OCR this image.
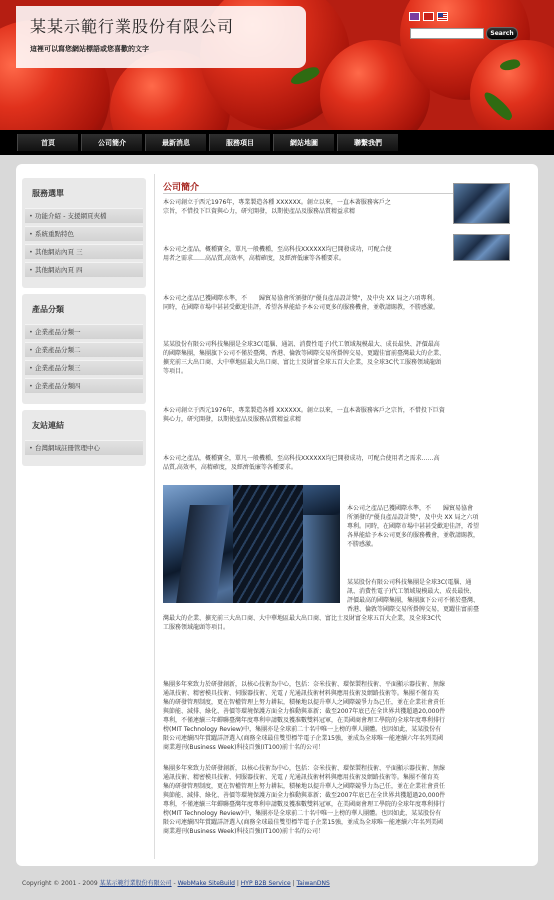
某某示範行業股份有限公司
這裡可以寫您網站標語或您喜歡的文字
Search
首頁	公司簡介	最新消息	服務項目	網站地圖	聯繫我們
服務選單
• 功能介紹 - 支援網頁夾檔
• 系統重點特色
• 其他網站內頁 三
• 其他網站內頁 四
產品分類
• 企業產品分類一
• 企業產品分類二
• 企業產品分類三
• 企業產品分類四
友站連結
• 台灣網域註冊管理中心
公司簡介
本公司創立于西元1976年，專業製造各種 XXXXXX。創立以來，一直本著服務客戶之
宗旨，不惜投下巨資與心力，研究開發，以期使產品及服務品質精益求精
本公司之產品，概種寶全，單凡一般機種，至高科技XXXXXX均已開發成功，可配合使
用者之需求……高品質,高效率，高精確度，及經濟低廉等各種要求。
本公司之產品已獲國際水準，不　　歸貿易協會所頒發的"優良產品設計獎"，及中央 XX 局之六項專利。
同時，在國際市場中甚甚受歡迎佳評，希望各界能給予本公司更多的服務機會，並敬請賜教，不勝感激。
某某股份有限公司科技集團是全球3C(電腦、通訊、消費性電子)代工領域規模最大、成長最快、評價最高
的國際集團，集團旗下公司不僅於臺灣、香港、倫敦等國際交易所掛牌交易，更躍佳富前臺灣最大的企業、
擴充前三大出口商、大中華地區最大出口商、富比士及財富全球五百大企業，及全球3C代工服務領域龍頭
等項目。
本公司創立于西元1976年，專業製造各種 XXXXXX。創立以來，一直本著服務客戶之宗旨，不惜投下巨資
與心力，研究開發，以期使產品及服務品質精益求精
本公司之產品，概種寶全，單凡一般機種，至高科技XXXXXX均已開發成功，可配合使用者之需求……高
品質,高效率，高精確度，及經濟低廉等各種要求。
本公司之產品已獲國際水準，不　　歸貿易協會
所頒發的"優良產品設計獎"，及中央 XX 局之六項
專利。同時，在國際市場中甚甚受歡迎佳評，希望
各界能給予本公司更多的服務機會，並敬請賜教，
不勝感激。
某某股份有限公司科技集團是全球3C(電腦、通
訊、消費性電子)代工領域規模最大、成長最快、
評價最高的國際集團，集團旗下公司不僅於臺灣、
香港、倫敦等國際交易所掛牌交易，更躍佳富前臺
灣最大的企業、擴充前三大出口商、大中華地區最大出口商、富比士及財富全球五百大企業，及全球3C代
工服務領域龍頭等項目。
集團多年來致力於研發創新，以核心技術為中心，包括：奈米技術、環保製程技術、平面顯示器技術、無線
通訊技術、精密模具技術、伺服器技術、光電 / 光通訊技術材料與應用技術及網路技術等。集團不僅育英
集的研發管理制度，更在智權管理上努力耕耘，積極地以提升華人之國際競爭力為己任，並在企業社會責任
與節能、減排、綠化、善價等環境保護方面全力推動與革新；截至2007年底已在全世界共獲超過20,000件
專利，不僅連續三年蟬聯臺灣年度專利申請數及獲准數雙料冠軍，在美國商會理工學院的全球年度專利排行
榜(MIT Technology Review)中，集團亦是全球前二十名中唯一上榜的華人團體。也因如此，某某股份有
限公司連續四年賞躍詳評選入(商務全球最佳雙望標竿電子企業15強，並成為全球唯一能連續六年名列美國
商業週刊(Business Week)科技百強(IT100)前十名的公司！
集團多年來致力於研發創新，以核心技術為中心，包括：奈米技術、環保製程技術、平面顯示器技術、無線
通訊技術、精密模具技術、伺服器技術、光電 / 光通訊技術材料與應用技術及網路技術等。集團不僅育英
集的研發管理制度，更在智權管理上努力耕耘，積極地以提升華人之國際競爭力為己任，並在企業社會責任
與節能、減排、綠化、善價等環境保護方面全力推動與革新；截至2007年底已在全世界共獲超過20,000件
專利，不僅連續三年蟬聯臺灣年度專利申請數及獲准數雙料冠軍，在美國商會理工學院的全球年度專利排行
榜(MIT Technology Review)中，集團亦是全球前二十名中唯一上榜的華人團體。也因如此，某某股份有
限公司連續四年賞躍詳評選入(商務全球最佳雙望標竿電子企業15強，並成為全球唯一能連續六年名列美國
商業週刊(Business Week)科技百強(IT100)前十名的公司！
Copyright © 2001 - 2009 某某示範行業股份有限公司 - WebMake SiteBuild | HYP B2B Service | TaiwanDNS
